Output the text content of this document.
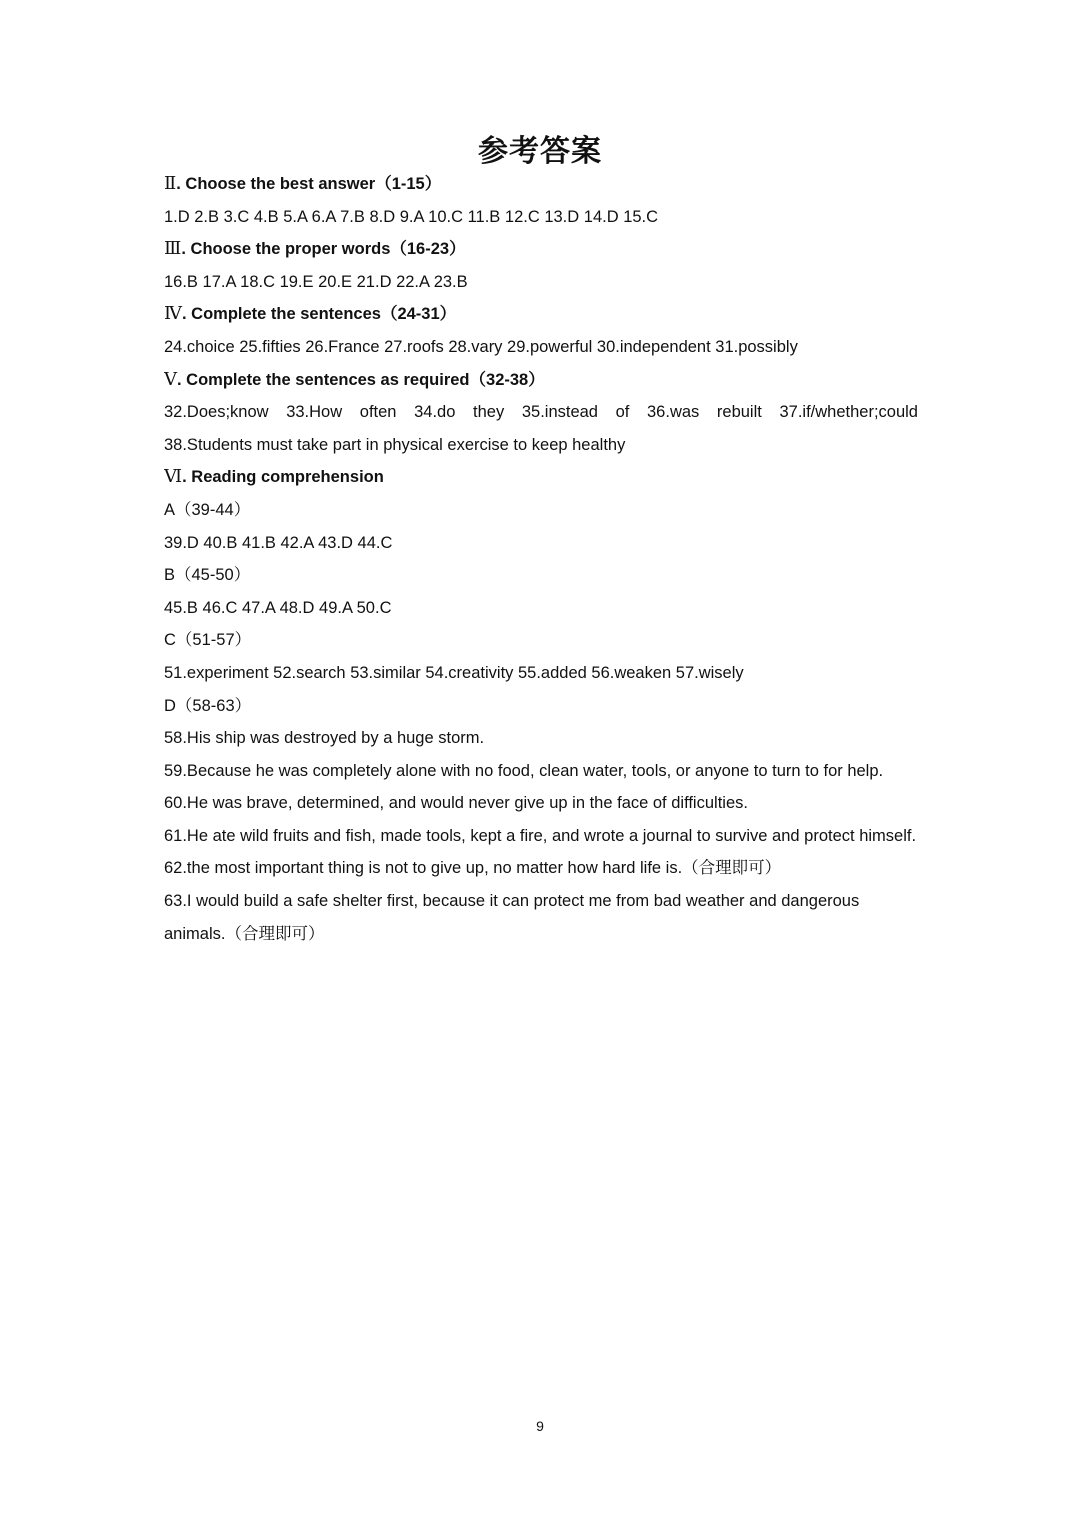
参考答案
Ⅱ. Choose the best answer（1-15）
1.D 2.B 3.C 4.B 5.A 6.A 7.B 8.D 9.A 10.C 11.B 12.C 13.D 14.D 15.C
Ⅲ. Choose the proper words（16-23）
16.B 17.A 18.C 19.E 20.E 21.D 22.A 23.B
Ⅳ. Complete the sentences（24-31）
24.choice 25.fifties 26.France 27.roofs 28.vary 29.powerful 30.independent 31.possibly
Ⅴ. Complete the sentences as required（32-38）
32.Does;know 33.How often 34.do they 35.instead of 36.was rebuilt 37.if/whether;could
38.Students must take part in physical exercise to keep healthy
Ⅵ. Reading comprehension
A（39-44）
39.D 40.B 41.B 42.A 43.D 44.C
B（45-50）
45.B 46.C 47.A 48.D 49.A 50.C
C（51-57）
51.experiment 52.search 53.similar 54.creativity 55.added 56.weaken 57.wisely
D（58-63）
58.His ship was destroyed by a huge storm.
59.Because he was completely alone with no food, clean water, tools, or anyone to turn to for help.
60.He was brave, determined, and would never give up in the face of difficulties.
61.He ate wild fruits and fish, made tools, kept a fire, and wrote a journal to survive and protect himself.
62.the most important thing is not to give up, no matter how hard life is.（合理即可）
63.I would build a safe shelter first, because it can protect me from bad weather and dangerous animals.（合理即可）
9
